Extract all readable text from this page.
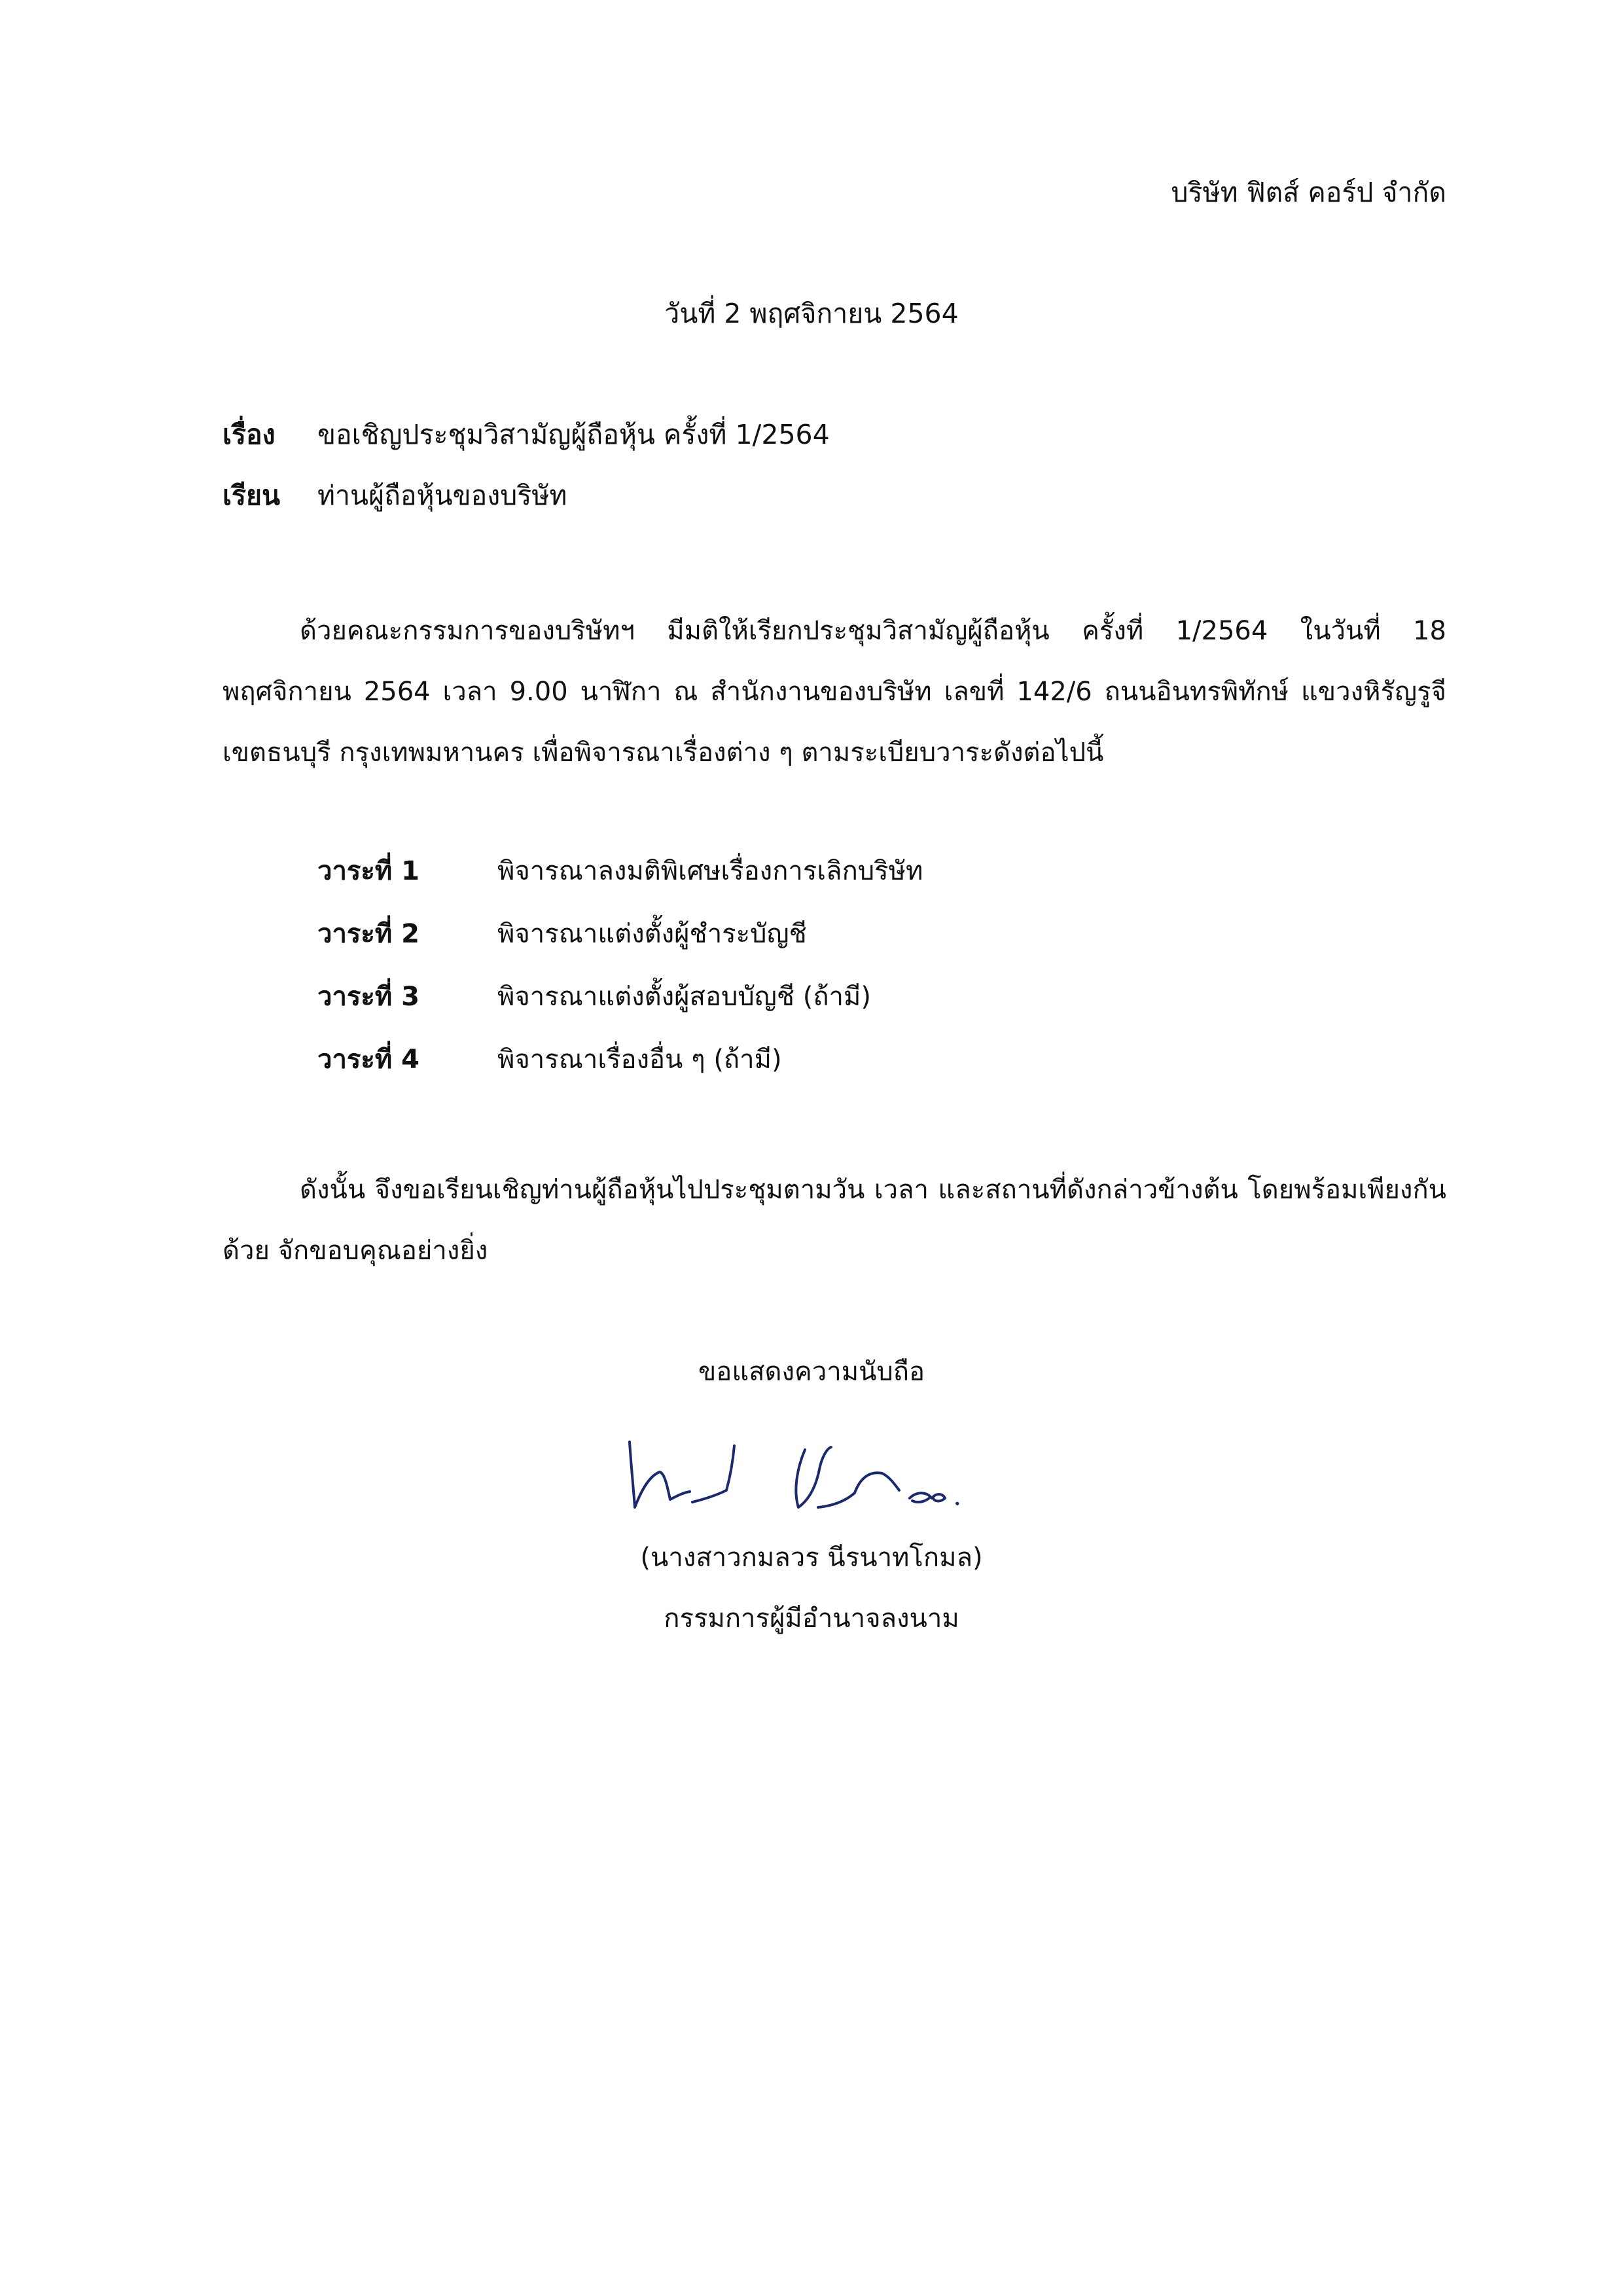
บริษัท ฟิตส์ คอร์ป จำกัด
วันที่ 2 พฤศจิกายน 2564
เรื่อง ขอเชิญประชุมวิสามัญผู้ถือหุ้น ครั้งที่ 1/2564
เรียน ท่านผู้ถือหุ้นของบริษัท
ด้วยคณะกรรมการของบริษัทฯ มีมติให้เรียกประชุมวิสามัญผู้ถือหุ้น ครั้งที่ 1/2564 ในวันที่ 18 พฤศจิกายน 2564 เวลา 9.00 นาฬิกา ณ สำนักงานของบริษัท เลขที่ 142/6 ถนนอินทรพิทักษ์ แขวงหิรัญรูจี เขตธนบุรี กรุงเทพมหานคร เพื่อพิจารณาเรื่องต่าง ๆ ตามระเบียบวาระดังต่อไปนี้
วาระที่ 1	พิจารณาลงมติพิเศษเรื่องการเลิกบริษัท
วาระที่ 2	พิจารณาแต่งตั้งผู้ชำระบัญชี
วาระที่ 3	พิจารณาแต่งตั้งผู้สอบบัญชี (ถ้ามี)
วาระที่ 4	พิจารณาเรื่องอื่น ๆ (ถ้ามี)
ดังนั้น จึงขอเรียนเชิญท่านผู้ถือหุ้นไปประชุมตามวัน เวลา และสถานที่ดังกล่าวข้างต้น โดยพร้อมเพียงกันด้วย จักขอบคุณอย่างยิ่ง
ขอแสดงความนับถือ
(นางสาวกมลวร นีรนาทโกมล)
กรรมการผู้มีอำนาจลงนาม
